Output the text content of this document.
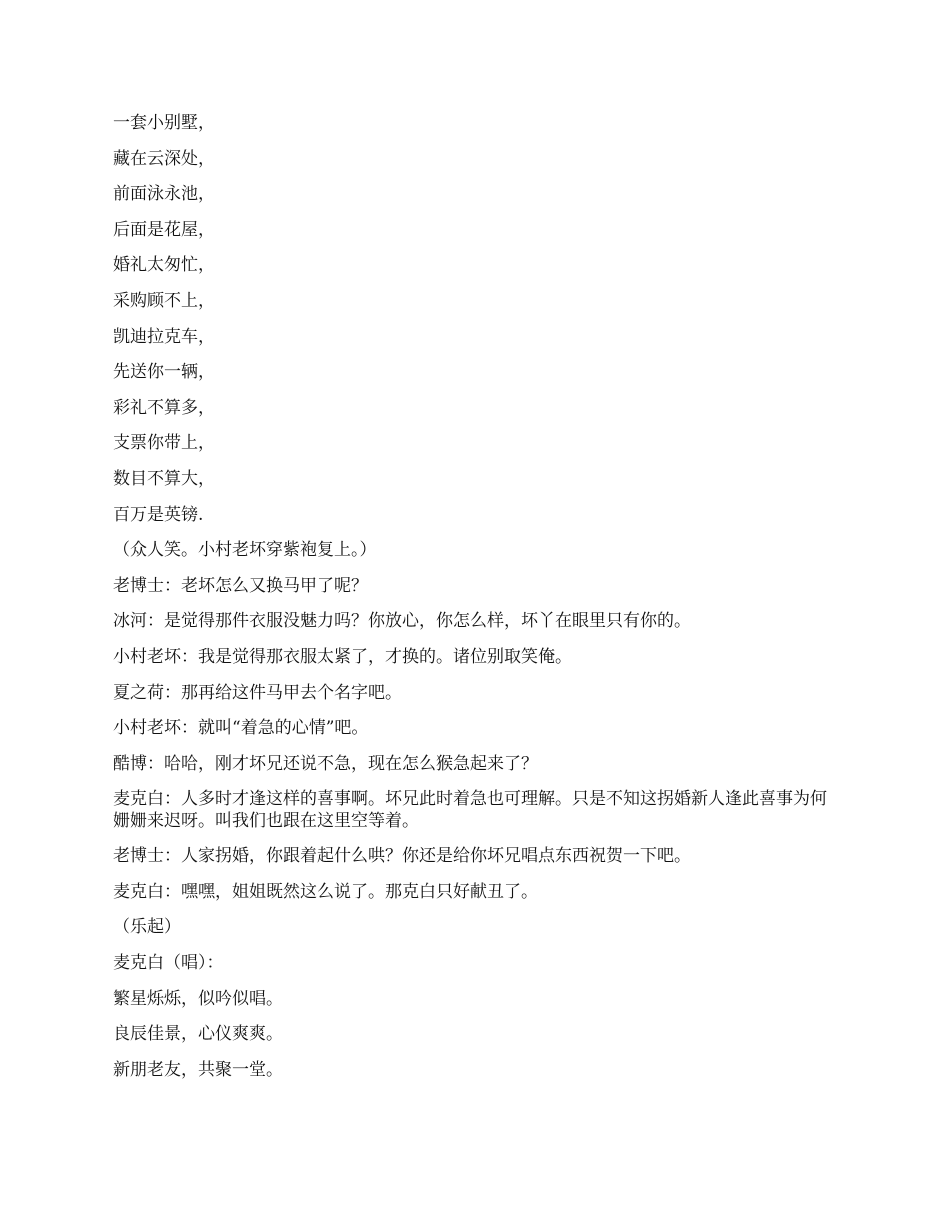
一套小别墅，

藏在云深处，

前面泳永池，

后面是花屋，

婚礼太匆忙，

采购顾不上，

凯迪拉克车，

先送你一辆，

彩礼不算多，

支票你带上，

数目不算大，

百万是英镑.

（众人笑。小村老坏穿紫袍复上。）

老博士：老坏怎么又换马甲了呢？

冰河：是觉得那件衣服没魅力吗？你放心，你怎么样，坏丫在眼里只有你的。

小村老坏：我是觉得那衣服太紧了，才换的。诸位别取笑俺。

夏之荷：那再给这件马甲去个名字吧。

小村老坏：就叫“着急的心情”吧。

酷博：哈哈，刚才坏兄还说不急，现在怎么猴急起来了？

麦克白：人多时才逢这样的喜事啊。坏兄此时着急也可理解。只是不知这拐婚新人逢此喜事为何姗姗来迟呀。叫我们也跟在这里空等着。

老博士：人家拐婚，你跟着起什么哄？你还是给你坏兄唱点东西祝贺一下吧。

麦克白：嘿嘿，姐姐既然这么说了。那克白只好献丑了。

（乐起）

麦克白（唱）：

繁星烁烁，似吟似唱。

良辰佳景，心仪爽爽。

新朋老友，共聚一堂。
